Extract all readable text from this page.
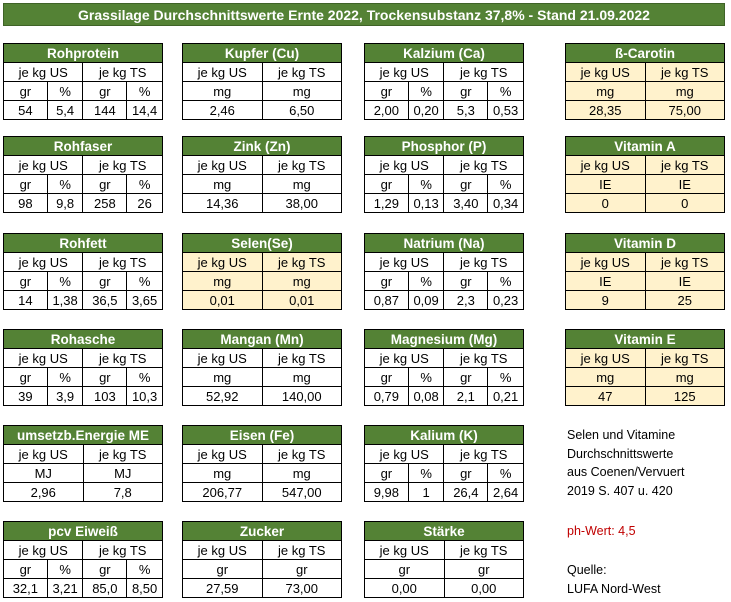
Grassilage Durchschnittswerte Ernte 2022, Trockensubstanz 37,8% - Stand 21.09.2022
Rohprotein			
je kg US		je kg TS	
gr	%	gr	%
54	5,4	144	14,4
Kupfer (Cu)	
je kg US	je kg TS
mg	mg
2,46	6,50
Kalzium (Ca)			
je kg US		je kg TS	
gr	%	gr	%
2,00	0,20	5,3	0,53
ß-Carotin	
je kg US	je kg TS
mg	mg
28,35	75,00
Rohfaser			
je kg US		je kg TS	
gr	%	gr	%
98	9,8	258	26
Zink (Zn)	
je kg US	je kg TS
mg	mg
14,36	38,00
Phosphor (P)			
je kg US		je kg TS	
gr	%	gr	%
1,29	0,13	3,40	0,34
Vitamin A	
je kg US	je kg TS
IE	IE
0	0
Rohfett			
je kg US		je kg TS	
gr	%	gr	%
14	1,38	36,5	3,65
Selen(Se)	
je kg US	je kg TS
mg	mg
0,01	0,01
Natrium (Na)			
je kg US		je kg TS	
gr	%	gr	%
0,87	0,09	2,3	0,23
Vitamin D	
je kg US	je kg TS
IE	IE
9	25
Rohasche			
je kg US		je kg TS	
gr	%	gr	%
39	3,9	103	10,3
Mangan (Mn)	
je kg US	je kg TS
mg	mg
52,92	140,00
Magnesium (Mg)			
je kg US		je kg TS	
gr	%	gr	%
0,79	0,08	2,1	0,21
Vitamin E	
je kg US	je kg TS
mg	mg
47	125
umsetzb.Energie ME	
je kg US	je kg TS
MJ	MJ
2,96	7,8
Eisen (Fe)	
je kg US	je kg TS
mg	mg
206,77	547,00
Kalium (K)			
je kg US		je kg TS	
gr	%	gr	%
9,98	1	26,4	2,64
pcv Eiweiß			
je kg US		je kg TS	
gr	%	gr	%
32,1	3,21	85,0	8,50
Zucker	
je kg US	je kg TS
gr	gr
27,59	73,00
Stärke	
je kg US	je kg TS
gr	gr
0,00	0,00
Selen und Vitamine
Durchschnittswerte
aus Coenen/Vervuert
2019 S. 407 u. 420
ph-Wert: 4,5
Quelle:
LUFA Nord-West
